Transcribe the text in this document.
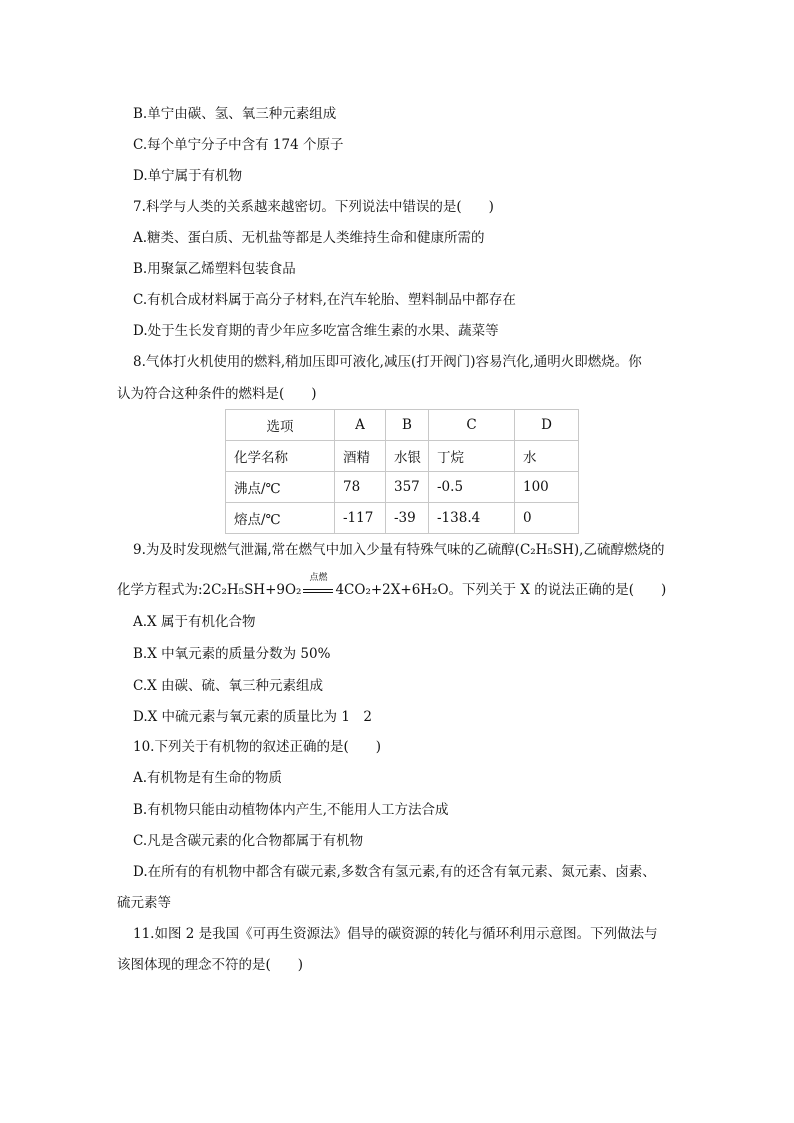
B.单宁由碳、氢、氧三种元素组成
C.每个单宁分子中含有 174 个原子
D.单宁属于有机物
7.科学与人类的关系越来越密切。下列说法中错误的是(　　)
A.糖类、蛋白质、无机盐等都是人类维持生命和健康所需的
B.用聚氯乙烯塑料包装食品
C.有机合成材料属于高分子材料,在汽车轮胎、塑料制品中都存在
D.处于生长发育期的青少年应多吃富含维生素的水果、蔬菜等
8.气体打火机使用的燃料,稍加压即可液化,减压(打开阀门)容易汽化,通明火即燃烧。你
认为符合这种条件的燃料是(　　)
选项	A	B	C	D
化学名称	酒精	水银	丁烷	水
沸点/℃	78	357	-0.5	100
熔点/℃	-117	-39	-138.4	0
9.为及时发现燃气泄漏,常在燃气中加入少量有特殊气味的乙硫醇(C₂H₅SH),乙硫醇燃烧的
化学方程式为:2C₂H₅SH+9O₂
点燃
4CO₂+2X+6H₂O。下列关于 X 的说法正确的是(　　)
A.X 属于有机化合物
B.X 中氧元素的质量分数为 50%
C.X 由碳、硫、氧三种元素组成
D.X 中硫元素与氧元素的质量比为 1　2
10.下列关于有机物的叙述正确的是(　　)
A.有机物是有生命的物质
B.有机物只能由动植物体内产生,不能用人工方法合成
C.凡是含碳元素的化合物都属于有机物
D.在所有的有机物中都含有碳元素,多数含有氢元素,有的还含有氧元素、氮元素、卤素、
硫元素等
11.如图 2 是我国《可再生资源法》倡导的碳资源的转化与循环利用示意图。下列做法与
该图体现的理念不符的是(　　)
